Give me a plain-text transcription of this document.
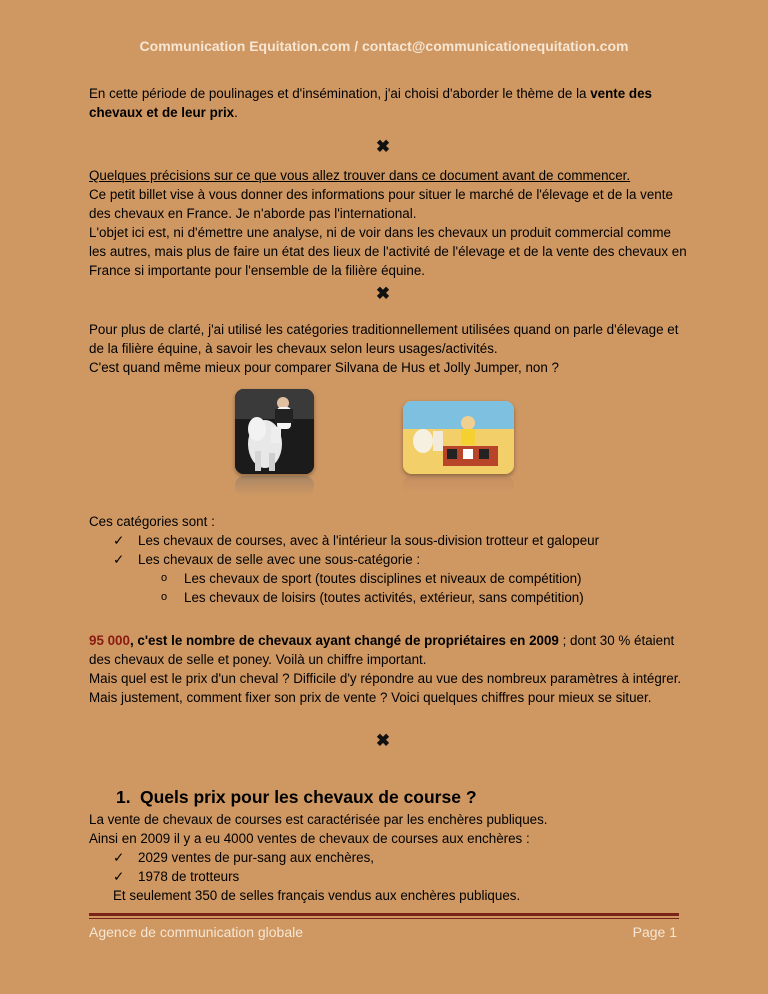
Communication Equitation.com / contact@communicationequitation.com
En cette période de poulinages et d'insémination, j'ai choisi d'aborder le thème de la vente des chevaux et de leur prix.
✖
Quelques précisions sur ce que vous allez trouver dans ce document avant de commencer.
Ce petit billet vise à vous donner des informations pour situer le marché de l'élevage et de la vente des chevaux en France. Je n'aborde pas l'international.
L'objet ici est, ni d'émettre une analyse, ni de voir dans les chevaux un produit commercial comme les autres, mais plus de faire un état des lieux de l'activité de l'élevage et de la vente des chevaux en France si importante pour l'ensemble de la filière équine.
✖
Pour plus de clarté, j'ai utilisé les catégories traditionnellement utilisées quand on parle d'élevage et de la filière équine, à savoir les chevaux selon leurs usages/activités.
C'est quand même mieux pour comparer Silvana de Hus et Jolly Jumper, non ?
Ces catégories sont :
✓ Les chevaux de courses, avec à l'intérieur la sous-division trotteur et galopeur
✓ Les chevaux de selle avec une sous-catégorie :
o Les chevaux de sport (toutes disciplines et niveaux de compétition)
o Les chevaux de loisirs (toutes activités, extérieur, sans compétition)
95 000, c'est le nombre de chevaux ayant changé de propriétaires en 2009 ; dont 30 % étaient des chevaux de selle et poney. Voilà un chiffre important.
Mais quel est le prix d'un cheval ? Difficile d'y répondre au vue des nombreux paramètres à intégrer. Mais justement, comment fixer son prix de vente ? Voici quelques chiffres pour mieux se situer.
✖
1. Quels prix pour les chevaux de course ?
La vente de chevaux de courses est caractérisée par les enchères publiques.
Ainsi en 2009 il y a eu 4000 ventes de chevaux de courses aux enchères :
✓ 2029 ventes de pur-sang aux enchères,
✓ 1978 de trotteurs
Et seulement 350 de selles français vendus aux enchères publiques.
Agence de communication globale	Page 1
